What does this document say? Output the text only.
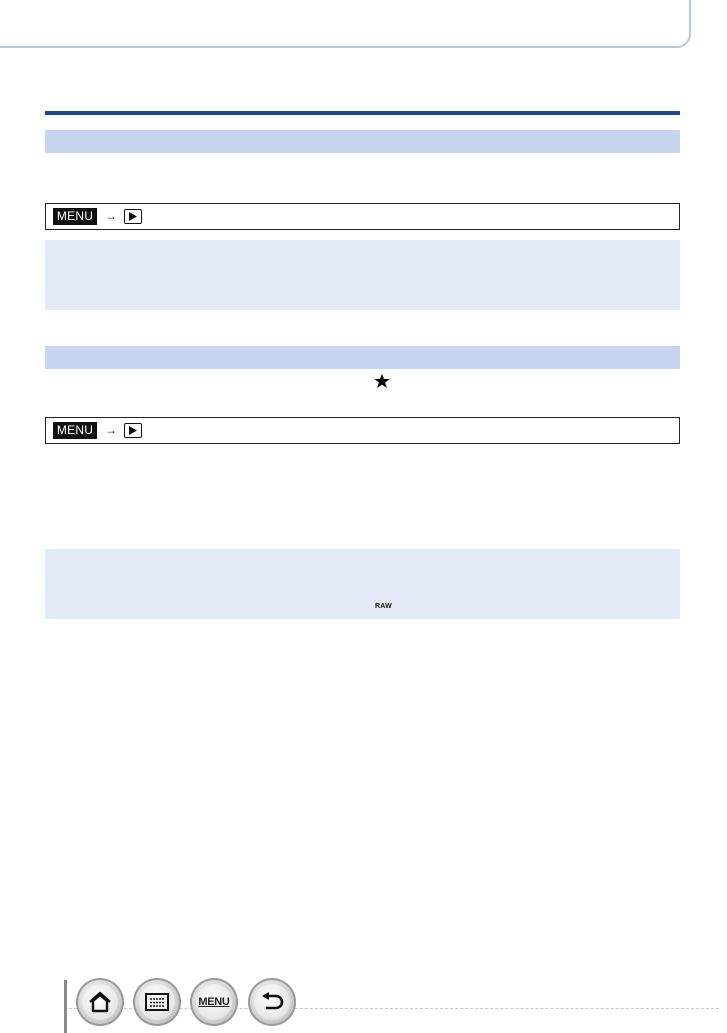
MENU →
MENU →
RAW
MENU
